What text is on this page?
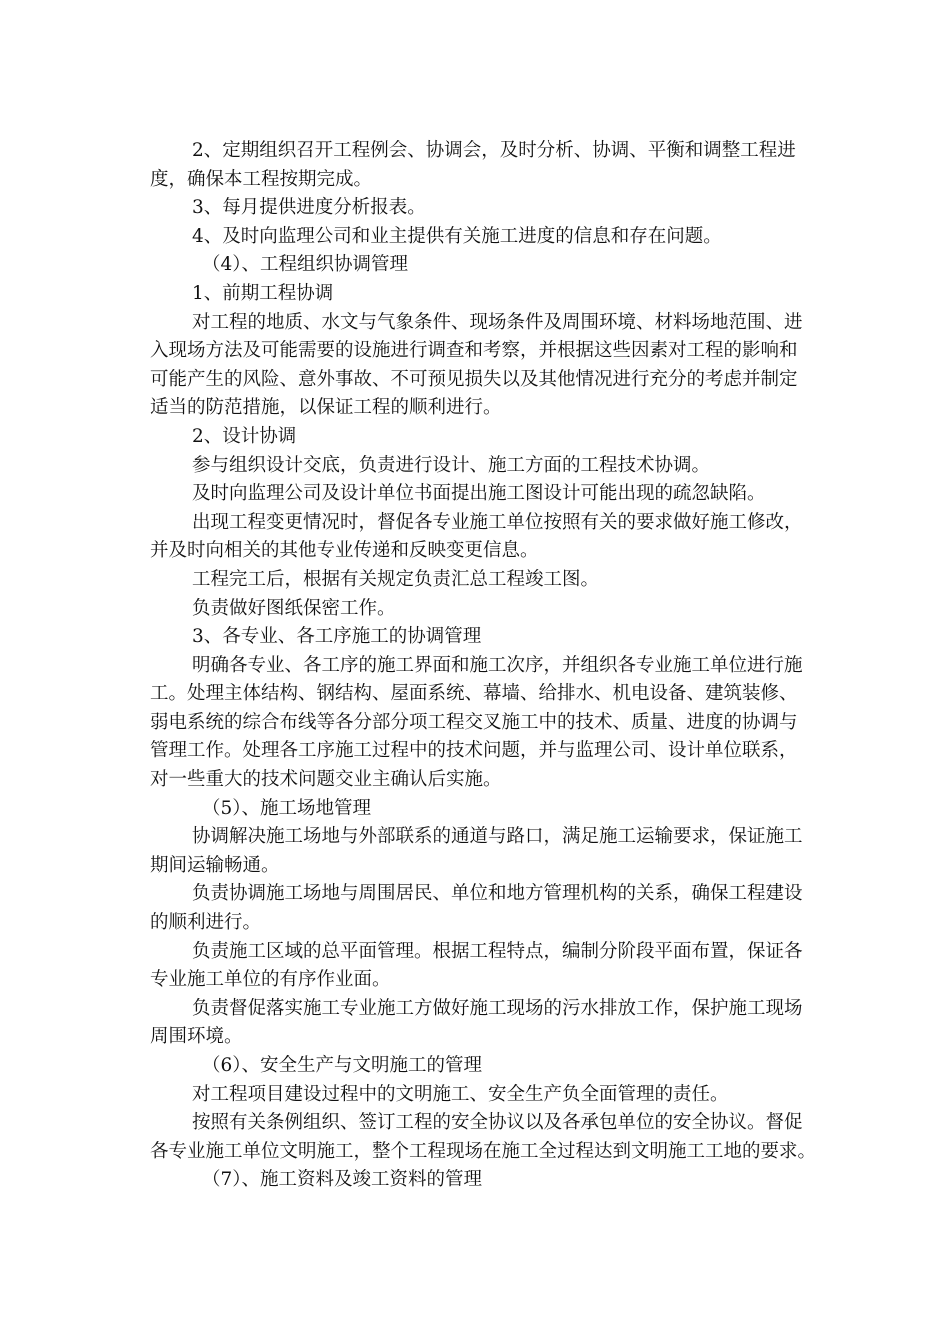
2、定期组织召开工程例会、协调会，及时分析、协调、平衡和调整工程进
度，确保本工程按期完成。
3、每月提供进度分析报表。
4、及时向监理公司和业主提供有关施工进度的信息和存在问题。
（4）、工程组织协调管理
1、前期工程协调
对工程的地质、水文与气象条件、现场条件及周围环境、材料场地范围、进
入现场方法及可能需要的设施进行调查和考察，并根据这些因素对工程的影响和
可能产生的风险、意外事故、不可预见损失以及其他情况进行充分的考虑并制定
适当的防范措施，以保证工程的顺利进行。
2、设计协调
参与组织设计交底，负责进行设计、施工方面的工程技术协调。
及时向监理公司及设计单位书面提出施工图设计可能出现的疏忽缺陷。
出现工程变更情况时，督促各专业施工单位按照有关的要求做好施工修改，
并及时向相关的其他专业传递和反映变更信息。
工程完工后，根据有关规定负责汇总工程竣工图。
负责做好图纸保密工作。
3、各专业、各工序施工的协调管理
明确各专业、各工序的施工界面和施工次序，并组织各专业施工单位进行施
工。处理主体结构、钢结构、屋面系统、幕墙、给排水、机电设备、建筑装修、
弱电系统的综合布线等各分部分项工程交叉施工中的技术、质量、进度的协调与
管理工作。处理各工序施工过程中的技术问题，并与监理公司、设计单位联系，
对一些重大的技术问题交业主确认后实施。
（5）、施工场地管理
协调解决施工场地与外部联系的通道与路口，满足施工运输要求，保证施工
期间运输畅通。
负责协调施工场地与周围居民、单位和地方管理机构的关系，确保工程建设
的顺利进行。
负责施工区域的总平面管理。根据工程特点，编制分阶段平面布置，保证各
专业施工单位的有序作业面。
负责督促落实施工专业施工方做好施工现场的污水排放工作，保护施工现场
周围环境。
（6）、安全生产与文明施工的管理
对工程项目建设过程中的文明施工、安全生产负全面管理的责任。
按照有关条例组织、签订工程的安全协议以及各承包单位的安全协议。督促
各专业施工单位文明施工，整个工程现场在施工全过程达到文明施工工地的要求。
（7）、施工资料及竣工资料的管理
